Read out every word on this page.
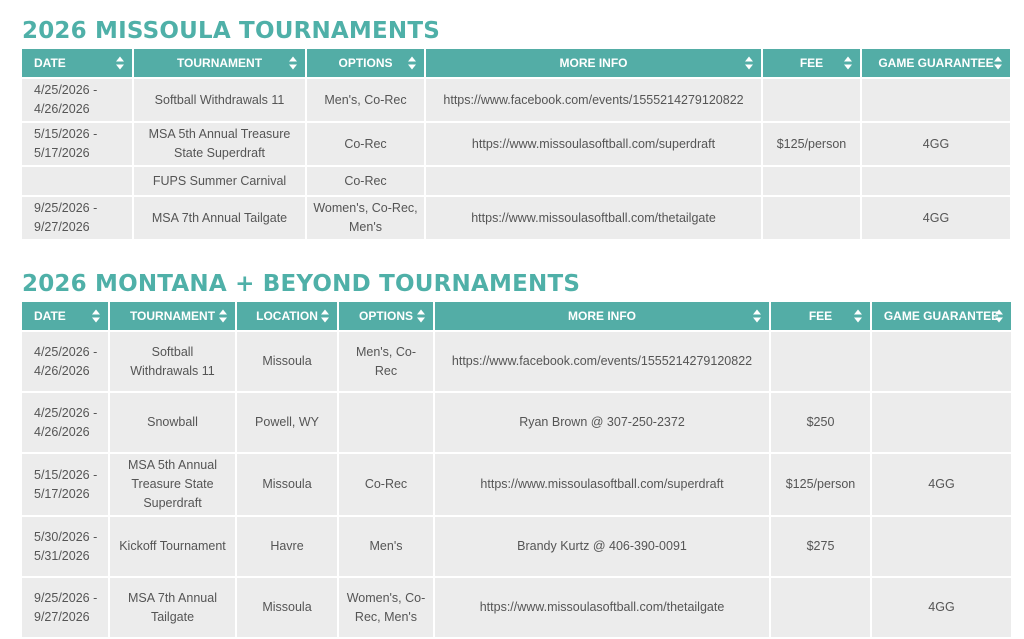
2026 MISSOULA TOURNAMENTS
DATE	TOURNAMENT	OPTIONS	MORE INFO	FEE	GAME GUARANTEE

4/25/2026 - 4/26/2026	Softball Withdrawals 11	Men's, Co-Rec	https://www.facebook.com/events/1555214279120822		
5/15/2026 - 5/17/2026	MSA 5th Annual Treasure State Superdraft	Co-Rec	https://www.missoulasoftball.com/superdraft	$125/person	4GG
	FUPS Summer Carnival	Co-Rec			
9/25/2026 - 9/27/2026	MSA 7th Annual Tailgate	Women's, Co-Rec, Men's	https://www.missoulasoftball.com/thetailgate		4GG
2026 MONTANA + BEYOND TOURNAMENTS
DATE	TOURNAMENT	LOCATION	OPTIONS	MORE INFO	FEE	GAME GUARANTEE

4/25/2026 - 4/26/2026	Softball Withdrawals 11	Missoula	Men's, Co-Rec	https://www.facebook.com/events/1555214279120822		
4/25/2026 - 4/26/2026	Snowball	Powell, WY		Ryan Brown @ 307-250-2372	$250	
5/15/2026 - 5/17/2026	MSA 5th Annual Treasure State Superdraft	Missoula	Co-Rec	https://www.missoulasoftball.com/superdraft	$125/person	4GG
5/30/2026 - 5/31/2026	Kickoff Tournament	Havre	Men's	Brandy Kurtz @ 406-390-0091	$275	
9/25/2026 - 9/27/2026	MSA 7th Annual Tailgate	Missoula	Women's, Co-Rec, Men's	https://www.missoulasoftball.com/thetailgate		4GG
